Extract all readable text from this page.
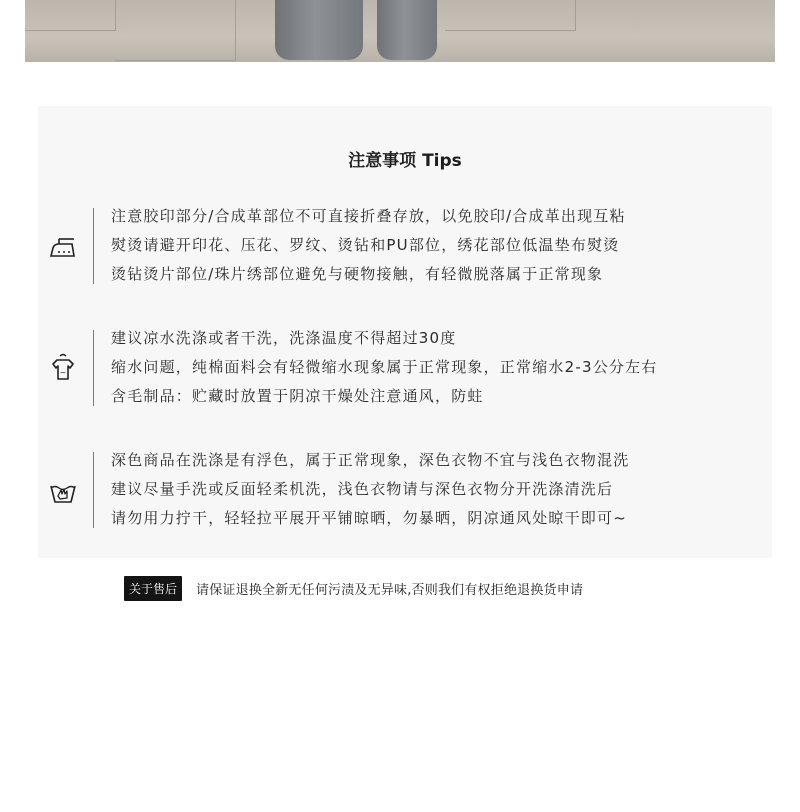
注意事项 Tips
注意胶印部分/合成革部位不可直接折叠存放，以免胶印/合成革出现互粘
熨烫请避开印花、压花、罗纹、烫钻和PU部位，绣花部位低温垫布熨烫
烫钻烫片部位/珠片绣部位避免与硬物接触，有轻微脱落属于正常现象
~
建议凉水洗涤或者干洗，洗涤温度不得超过30度
缩水问题，纯棉面料会有轻微缩水现象属于正常现象，正常缩水2-3公分左右
含毛制品：贮藏时放置于阴凉干燥处注意通风，防蛀
深色商品在洗涤是有浮色，属于正常现象，深色衣物不宜与浅色衣物混洗
建议尽量手洗或反面轻柔机洗，浅色衣物请与深色衣物分开洗涤清洗后
请勿用力拧干，轻轻拉平展开平铺晾晒，勿暴晒，阴凉通风处晾干即可~
关于售后	请保证退换全新无任何污渍及无异味,否则我们有权拒绝退换货申请
